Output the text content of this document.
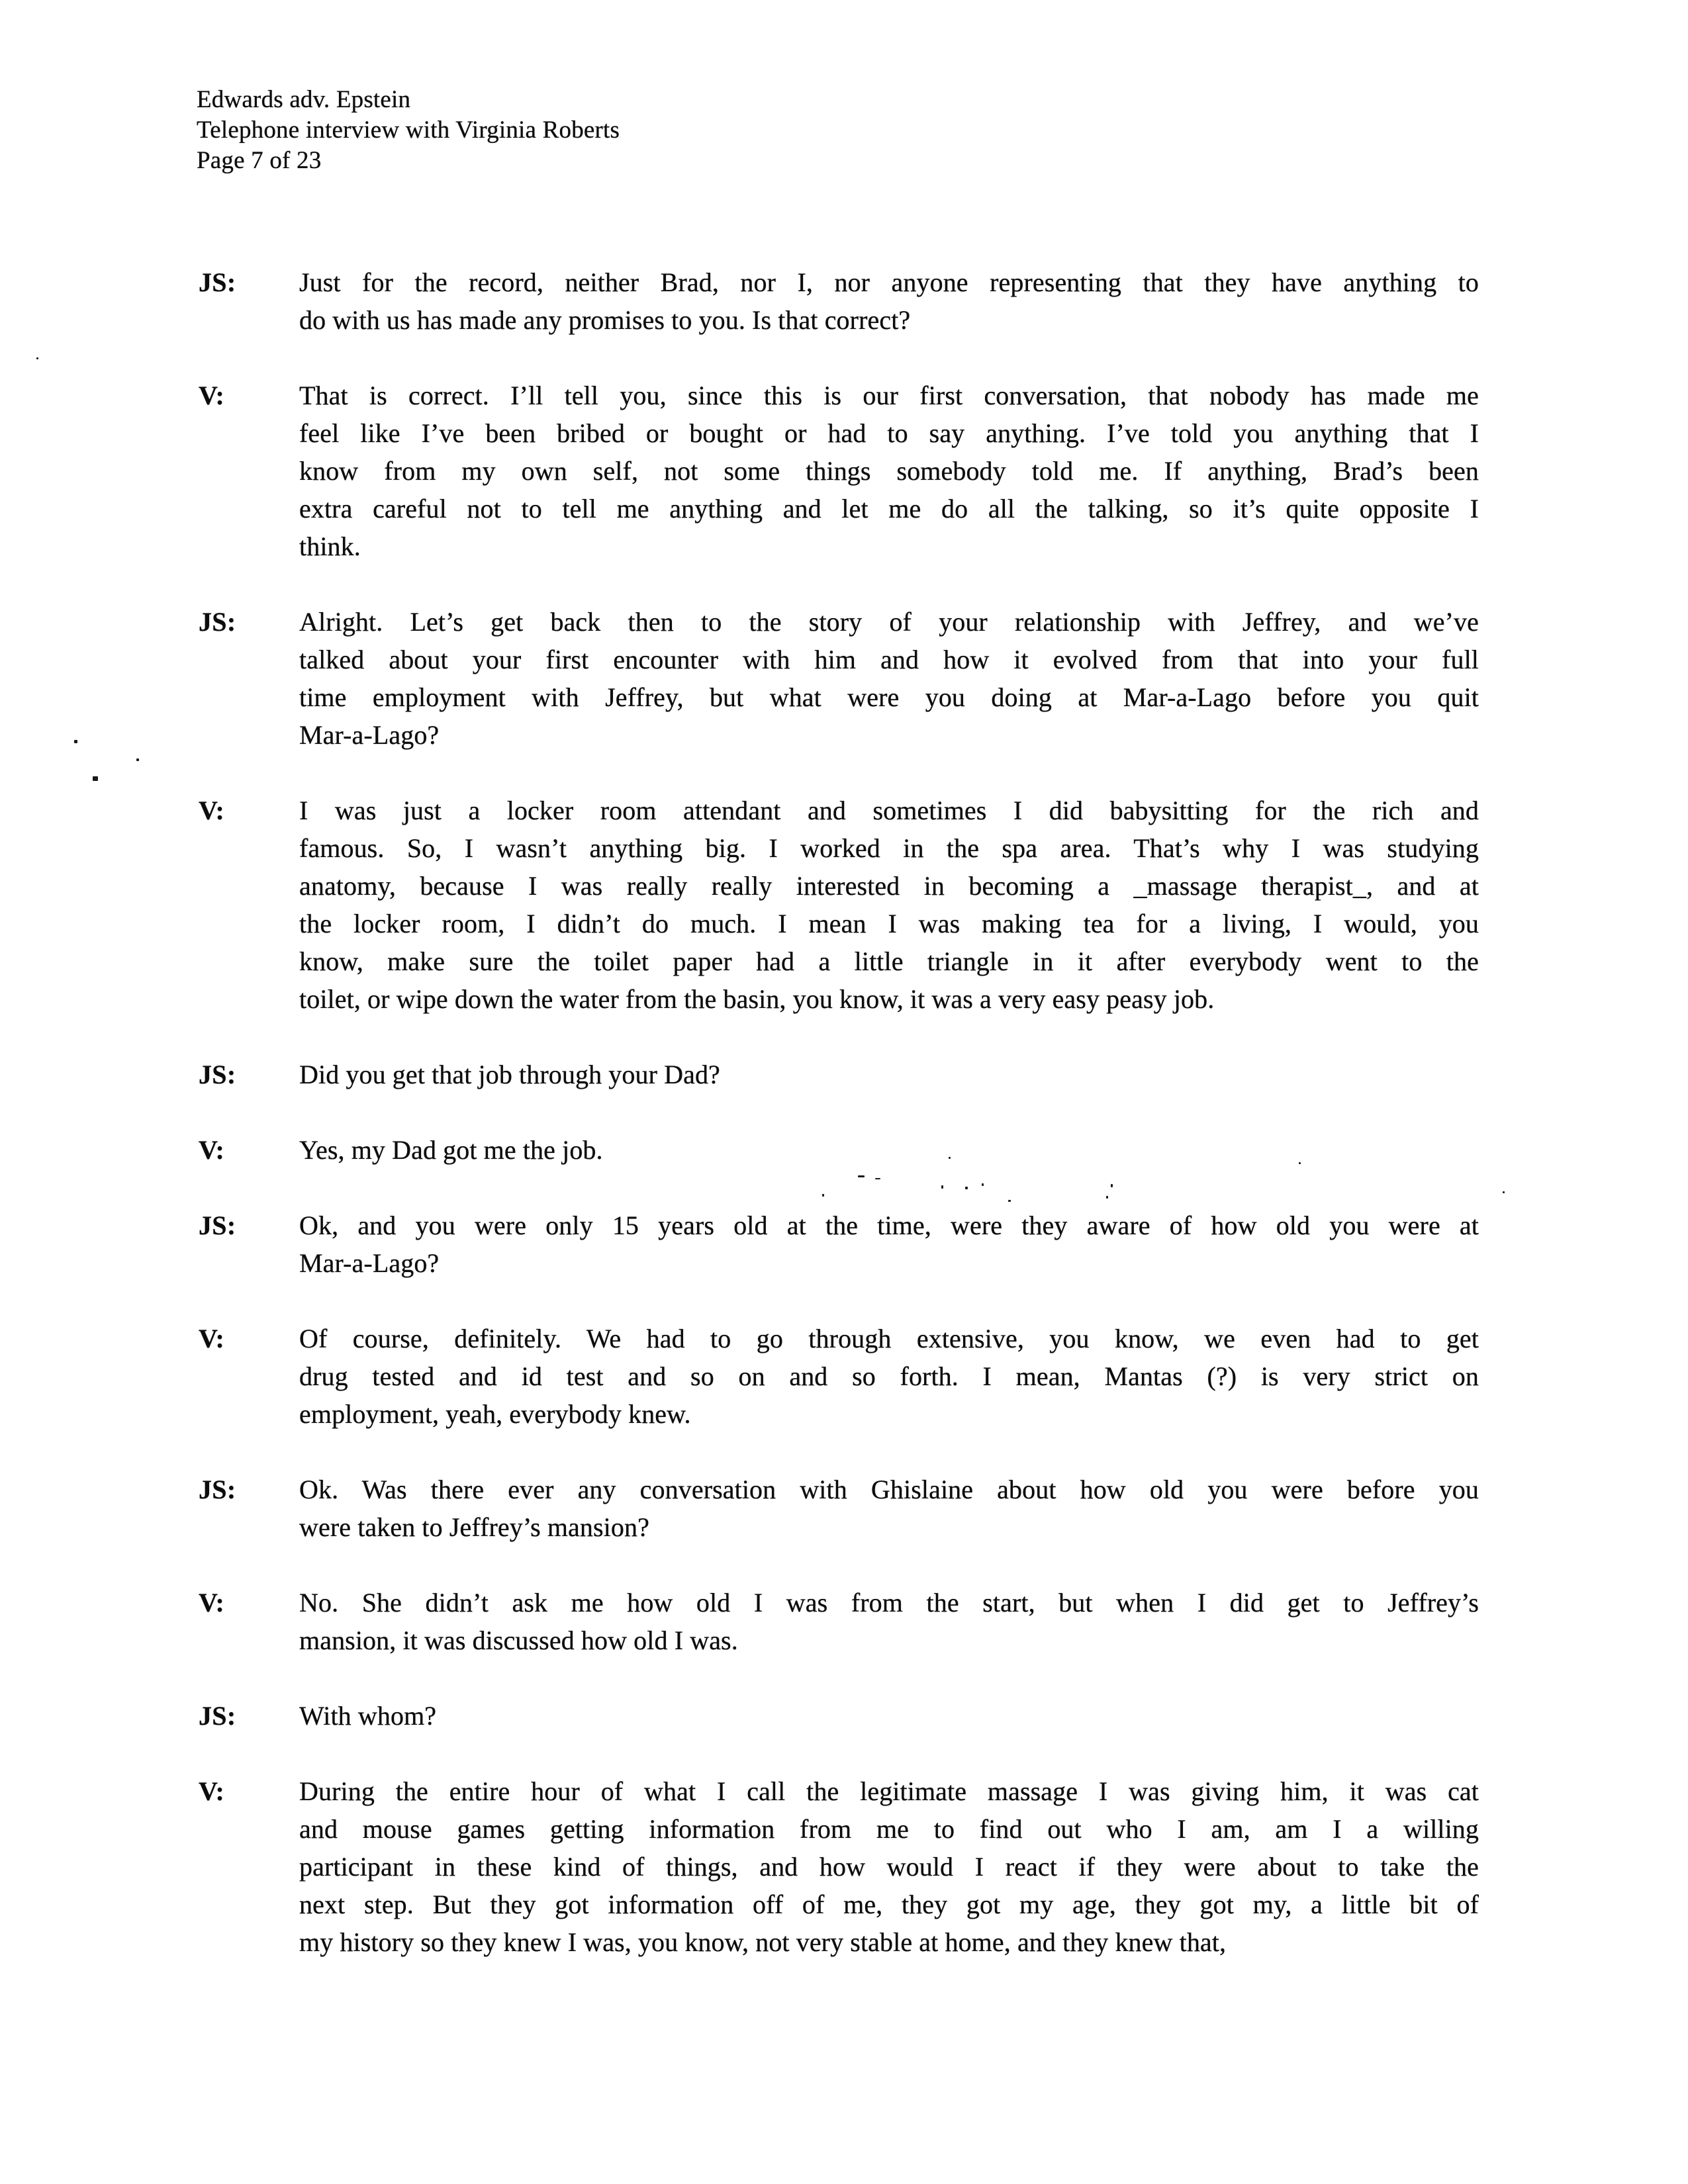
Edwards adv. Epstein
Telephone interview with Virginia Roberts
Page 7 of 23
JS:	Just for the record, neither Brad, nor I, nor anyone representing that they have anything to
do with us has made any promises to you. Is that correct?
V:	That is correct. I’ll tell you, since this is our first conversation, that nobody has made me
feel like I’ve been bribed or bought or had to say anything. I’ve told you anything that I
know from my own self, not some things somebody told me. If anything, Brad’s been
extra careful not to tell me anything and let me do all the talking, so it’s quite opposite I
think.
JS:	Alright. Let’s get back then to the story of your relationship with Jeffrey, and we’ve
talked about your first encounter with him and how it evolved from that into your full
time employment with Jeffrey, but what were you doing at Mar-a-Lago before you quit
Mar-a-Lago?
V:	I was just a locker room attendant and sometimes I did babysitting for the rich and
famous. So, I wasn’t anything big. I worked in the spa area. That’s why I was studying
anatomy, because I was really really interested in becoming a _massage therapist_, and at
the locker room, I didn’t do much. I mean I was making tea for a living, I would, you
know, make sure the toilet paper had a little triangle in it after everybody went to the
toilet, or wipe down the water from the basin, you know, it was a very easy peasy job.
JS:	Did you get that job through your Dad?
V:	Yes, my Dad got me the job.
JS:	Ok, and you were only 15 years old at the time, were they aware of how old you were at
Mar-a-Lago?
V:	Of course, definitely. We had to go through extensive, you know, we even had to get
drug tested and id test and so on and so forth. I mean, Mantas (?) is very strict on
employment, yeah, everybody knew.
JS:	Ok. Was there ever any conversation with Ghislaine about how old you were before you
were taken to Jeffrey’s mansion?
V:	No. She didn’t ask me how old I was from the start, but when I did get to Jeffrey’s
mansion, it was discussed how old I was.
JS:	With whom?
V:	During the entire hour of what I call the legitimate massage I was giving him, it was cat
and mouse games getting information from me to find out who I am, am I a willing
participant in these kind of things, and how would I react if they were about to take the
next step. But they got information off of me, they got my age, they got my, a little bit of
my history so they knew I was, you know, not very stable at home, and they knew that,
